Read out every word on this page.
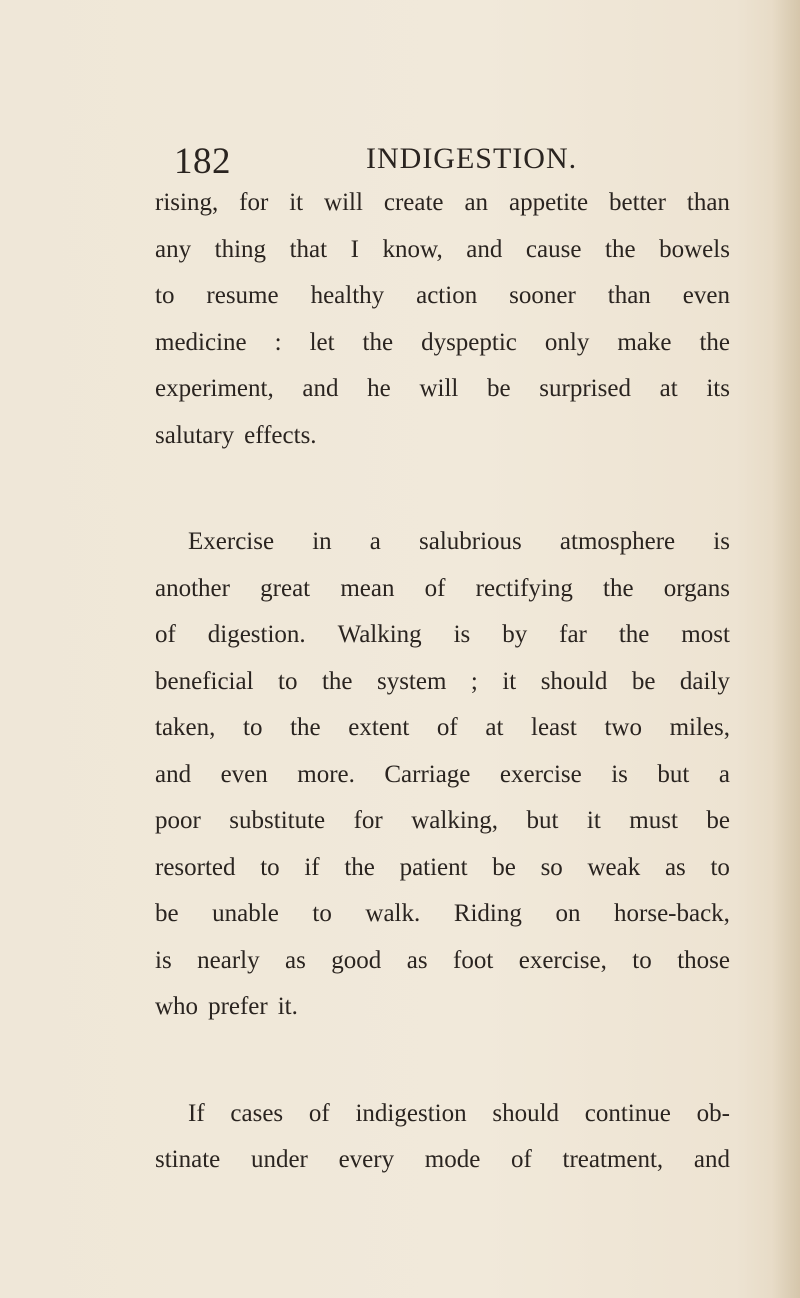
182	INDIGESTION.
rising, for it will create an appetite better than
any thing that I know, and cause the bowels
to resume healthy action sooner than even
medicine : let the dyspeptic only make the
experiment, and he will be surprised at its
salutary effects.
Exercise in a salubrious atmosphere is
another great mean of rectifying the organs
of digestion. Walking is by far the most
beneficial to the system ; it should be daily
taken, to the extent of at least two miles,
and even more. Carriage exercise is but a
poor substitute for walking, but it must be
resorted to if the patient be so weak as to
be unable to walk. Riding on horse-back,
is nearly as good as foot exercise, to those
who prefer it.
If cases of indigestion should continue ob-
stinate under every mode of treatment, and
